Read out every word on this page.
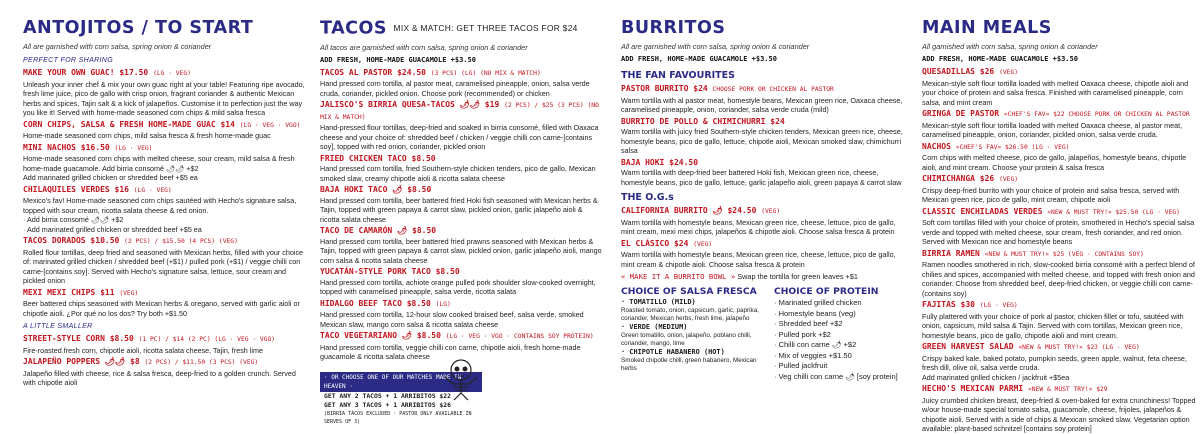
ANTOJITOS / TO START
All are garnished with corn salsa, spring onion & coriander
PERFECT FOR SHARING
MAKE YOUR OWN GUAC! $17.50 (LG · VEG)
Unleash your inner chef & mix your own guac right at your table! Featuring ripe avocado, fresh lime juice, pico de gallo with crisp onion, fragrant coriander & authentic Mexican herbs and spices, Tajin salt & a kick of jalapeños. Customise it to perfection just the way you like it! Served with home-made seasoned corn chips & mild salsa fresca
CORN CHIPS, SALSA & FRESH HOME-MADE GUAC $14 (LG · VEG · VGO)
Home-made seasoned corn chips, mild salsa fresca & fresh home-made guac
MINI NACHOS $16.50 (LG · VEG)
Home-made seasoned corn chips with melted cheese, sour cream, mild salsa & fresh home-made guacamole. Add birria consomé 🌶🌶 +$2
Add marinated grilled chicken or shredded beef +$5 ea
CHILAQUILES VERDES $16 (LG · VEG)
Mexico's fav! Home-made seasoned corn chips sautéed with Hecho's signature salsa, topped with sour cream, ricotta salata cheese & red onion.
· Add birria consomé 🌶🌶 +$2
· Add marinated grilled chicken or shredded beef +$5 ea
TACOS DORADOS $10.50 (2 PCS) / $15.50 (4 PCS) (VEG)
Rolled flour tortillas, deep fried and seasoned with Mexican herbs, filled with your choice of: marinated grilled chicken / shredded beef (+$1) / pulled pork (+$1) / veggie chilli con carne-[contains soy]. Served with Hecho's signature salsa, lettuce, sour cream and pickled onion
MEXI MEXI CHIPS $11 (VEG)
Beer battered chips seasoned with Mexican herbs & oregano, served with garlic aioli or chipotle aioli. ¿Por qué no los dos? Try both +$1.50
A LITTLE SMALLER
STREET-STYLE CORN $8.50 (1 PC) / $14 (2 PC) (LG · VEG · VGO)
Fire-roasted fresh corn, chipotle aioli, ricotta salata cheese, Tajin, fresh lime
JALAPEÑO POPPERS 🌶🌶 $8 (2 PCS) / $11.50 (3 PCS) (VEG)
Jalapeño filled with cheese, rice & salsa fresca, deep-fried to a golden crunch. Served with chipotle aioli
TACOS MIX & MATCH: GET THREE TACOS FOR $24
All tacos are garnished with corn salsa, spring onion & coriander
ADD FRESH, HOME-MADE GUACAMOLE +$3.50
TACOS AL PASTOR $24.50 (3 PCS) (LG) (NO MIX & MATCH)
Hand pressed corn tortilla, al pastor meat, caramelised pineapple, onion, salsa verde cruda, coriander, pickled onion. Choose pork (recommended) or chicken
JALISCO'S BIRRIA QUESA-TACOS 🌶🌶 $19 (2 PCS) / $25 (3 PCS) (NO MIX & MATCH)
Hand-pressed flour tortillas, deep-fried and soaked in birria consomé, filled with Oaxaca cheese and your choice of: shredded beef / chicken / veggie chilli con carne-[contains soy], topped with red onion, coriander, pickled onion
FRIED CHICKEN TACO $8.50
Hand pressed corn tortilla, fried Southern-style chicken tenders, pico de gallo, Mexican smoked slaw, creamy chipotle aioli & ricotta salata cheese
BAJA HOKI TACO 🌶 $8.50
Hand pressed corn tortilla, beer battered fried Hoki fish seasoned with Mexican herbs & Tajin, topped with green papaya & carrot slaw, pickled onion, garlic jalapeño aioli & ricotta salata cheese
TACO DE CAMARÓN 🌶 $8.50
Hand pressed corn tortilla, beer battered fried prawns seasoned with Mexican herbs & Tajin, topped with green papaya & carrot slaw, pickled onion, garlic jalapeño aioli, mango corn salsa & ricotta salata cheese
YUCATÁN-STYLE PORK TACO $8.50
Hand pressed corn tortilla, achiote orange pulled pork shoulder slow-cooked overnight, topped with caramelised pineapple, salsa verde, ricotta salata
HIDALGO BEEF TACO $8.50 (LG)
Hand pressed corn tortilla, 12-hour slow cooked braised beef, salsa verde, smoked Mexican slaw, mango corn salsa & ricotta salata cheese
TACO VEGETARIANO 🌶 $8.50 (LG · VEG · VGO · CONTAINS SOY PROTEIN)
Hand pressed corn tortilla, veggie chilli con carne, chipotle aioli, fresh home-made guacamole & ricotta salata cheese
· OR CHOOSE ONE OF OUR MATCHES MADE IN HEAVEN ·
GET ANY 2 TACOS + 1 ARRIBITOS $22
GET ANY 3 TACOS + 1 ARRIBITOS $26
(BIRRIA TACOS EXCLUDED · PASTOR ONLY AVAILABLE IN SERVES OF 3)
BURRITOS
All are garnished with corn salsa, spring onion & coriander
ADD FRESH, HOME-MADE GUACAMOLE +$3.50
THE FAN FAVOURITES
PASTOR BURRITO $24 CHOOSE PORK OR CHICKEN AL PASTOR
Warm tortilla with al pastor meat, homestyle beans, Mexican green rice, Oaxaca cheese, caramelised pineapple, onion, coriander, salsa verde cruda (mild)
BURRITO DE POLLO & CHIMICHURRI $24
Warm tortilla with juicy fried Southern-style chicken tenders, Mexican green rice, cheese, homestyle beans, pico de gallo, lettuce, chipotle aioli, Mexican smoked slaw, chimichurri salsa
BAJA HOKI $24.50
Warm tortilla with deep-fried beer battered Hoki fish, Mexican green rice, cheese, homestyle beans, pico de gallo, lettuce, garlic jalapeño aioli, green papaya & carrot slaw
THE O.G.s
CALIFORNIA BURRITO 🌶 $24.50 (VEG)
Warm tortilla with homestyle beans, Mexican green rice, cheese, lettuce, pico de gallo, mint cream, mexi mexi chips, jalapeños & chipotle aioli. Choose salsa fresca & protein
EL CLÁSICO $24 (VEG)
Warm tortilla with homestyle beans, Mexican green rice, cheese, lettuce, pico de gallo, mint cream & chipotle aioli. Choose salsa fresca & protein
« MAKE IT A BURRITO BOWL » Swap the tortilla for green leaves +$1
CHOICE OF SALSA FRESCA
· TOMATILLO (MILD)
Roasted tomato, onion, capsicum, garlic, paprika, coriander, Mexican herbs, fresh lime, jalapeño
· VERDE (MEDIUM)
Green tomatillo, onion, jalapeño, poblano chilli, coriander, mango, lime
· CHIPOTLE HABANERO (HOT)
Smoked chipotle chilli, green habanero, Mexican herbs
CHOICE OF PROTEIN
· Marinated grilled chicken
· Homestyle beans (veg)
· Shredded beef +$2
· Pulled pork +$2
· Chilli con carne 🌶 +$2
· Mix of veggies +$1.50
· Pulled jackfruit
· Veg chilli con carne 🌶 [soy protein]
MAIN MEALS
All garnished with corn salsa, spring onion & coriander
ADD FRESH, HOME-MADE GUACAMOLE +$3.50
QUESADILLAS $26 (VEG)
Mexican-style soft flour tortilla loaded with melted Oaxaca cheese, chipotle aioli and your choice of protein and salsa fresca. Finished with caramelised pineapple, corn salsa, and mint cream
GRINGA DE PASTOR «CHEF'S FAV» $22 CHOOSE PORK OR CHICKEN AL PASTOR
Mexican-style soft flour tortilla loaded with melted Oaxaca cheese, al pastor meat, caramelised pineapple, onion, coriander, pickled onion, salsa verde cruda.
NACHOS «CHEF'S FAV» $26.50 (LG · VEG)
Corn chips with melted cheese, pico de gallo, jalapeños, homestyle beans, chipotle aioli, and mint cream. Choose your protein & salsa fresca
CHIMICHANGA $26 (VEG)
Crispy deep-fried burrito with your choice of protein and salsa fresca, served with Mexican green rice, pico de gallo, mint cream, chipotle aioli
CLASSIC ENCHILADAS VERDES «NEW & MUST TRY!» $25.50 (LG · VEG)
Soft corn tortillas filled with your choice of protein, smothered in Hecho's special salsa verde and topped with melted cheese, sour cream, fresh coriander, and red onion. Served with Mexican rice and homestyle beans
BIRRIA RAMEN «NEW & MUST TRY!» $25 (VEG · CONTAINS SOY)
Ramen noodles smothered in rich, slow-cooked birria consomé with a perfect blend of chilies and spices, accompanied with melted cheese, and topped with fresh onion and coriander. Choose from shredded beef, deep-fried chicken, or veggie chilli con carne-(contains soy)
FAJITAS $30 (LG · VEG)
Fully plattered with your choice of pork al pastor, chicken fillet or tofu, sautéed with onion, capsicum, mild salsa & Tajin. Served with corn tortillas, Mexican green rice, homestyle beans, pico de gallo, chipotle aioli and mint cream.
GREEN HARVEST SALAD «NEW & MUST TRY!» $23 (LG · VEG)
Crispy baked kale, baked potato, pumpkin seeds, green apple, walnut, feta cheese, fresh dill, olive oil, salsa verde cruda.
Add marinated grilled chicken / jackfruit +$5ea
HECHO'S MEXICAN PARMI «NEW & MUST TRY!» $29
Juicy crumbed chicken breast, deep-fried & oven-baked for extra crunchiness! Topped w/our house-made special tomato salsa, guacamole, cheese, frijoles, jalapeños & chipotle aioli. Served with a side of chips & Mexican smoked slaw. Vegetarian option available: plant-based schnitzel [contains soy protein]
